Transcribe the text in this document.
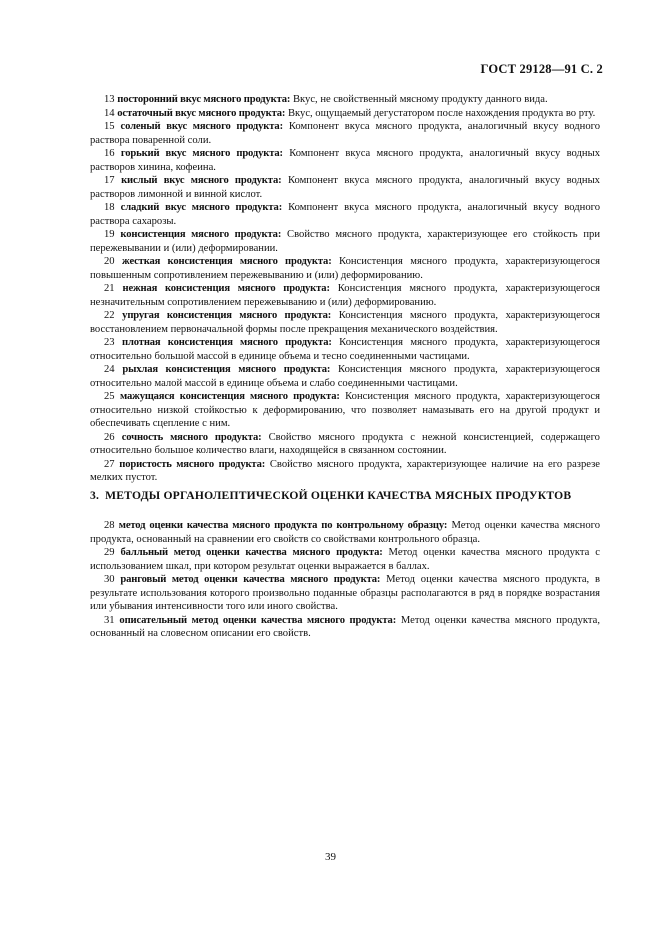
ГОСТ 29128—91 С. 2

13 посторонний вкус мясного продукта: Вкус, не свойственный мясному продукту данного вида.

14 остаточный вкус мясного продукта: Вкус, ощущаемый дегустатором после нахождения продукта во рту.

15 соленый вкус мясного продукта: Компонент вкуса мясного продукта, аналогичный вкусу водного раствора поваренной соли.

16 горький вкус мясного продукта: Компонент вкуса мясного продукта, аналогичный вкусу водных растворов хинина, кофеина.

17 кислый вкус мясного продукта: Компонент вкуса мясного продукта, аналогичный вкусу водных растворов лимонной и винной кислот.

18 сладкий вкус мясного продукта: Компонент вкуса мясного продукта, аналогичный вкусу водного раствора сахарозы.

19 консистенция мясного продукта: Свойство мясного продукта, характеризующее его стойкость при пережевывании и (или) деформировании.

20 жесткая консистенция мясного продукта: Консистенция мясного продукта, характеризующегося повышенным сопротивлением пережевыванию и (или) деформированию.

21 нежная консистенция мясного продукта: Консистенция мясного продукта, характеризующегося незначительным сопротивлением пережевыванию и (или) деформированию.

22 упругая консистенция мясного продукта: Консистенция мясного продукта, характеризующегося восстановлением первоначальной формы после прекращения механического воздействия.

23 плотная консистенция мясного продукта: Консистенция мясного продукта, характеризующегося относительно большой массой в единице объема и тесно соединенными частицами.

24 рыхлая консистенция мясного продукта: Консистенция мясного продукта, характеризующегося относительно малой массой в единице объема и слабо соединенными частицами.

25 мажущаяся консистенция мясного продукта: Консистенция мясного продукта, характеризующегося относительно низкой стойкостью к деформированию, что позволяет намазывать его на другой продукт и обеспечивать сцепление с ним.

26 сочность мясного продукта: Свойство мясного продукта с нежной консистенцией, содержащего относительно большое количество влаги, находящейся в связанном состоянии.

27 пористость мясного продукта: Свойство мясного продукта, характеризующее наличие на его разрезе мелких пустот.

3. МЕТОДЫ ОРГАНОЛЕПТИЧЕСКОЙ ОЦЕНКИ КАЧЕСТВА МЯСНЫХ ПРОДУКТОВ

28 метод оценки качества мясного продукта по контрольному образцу: Метод оценки качества мясного продукта, основанный на сравнении его свойств со свойствами контрольного образца.

29 балльный метод оценки качества мясного продукта: Метод оценки качества мясного продукта с использованием шкал, при котором результат оценки выражается в баллах.

30 ранговый метод оценки качества мясного продукта: Метод оценки качества мясного продукта, в результате использования которого произвольно поданные образцы располагаются в ряд в порядке возрастания или убывания интенсивности того или иного свойства.

31 описательный метод оценки качества мясного продукта: Метод оценки качества мясного продукта, основанный на словесном описании его свойств.

39
